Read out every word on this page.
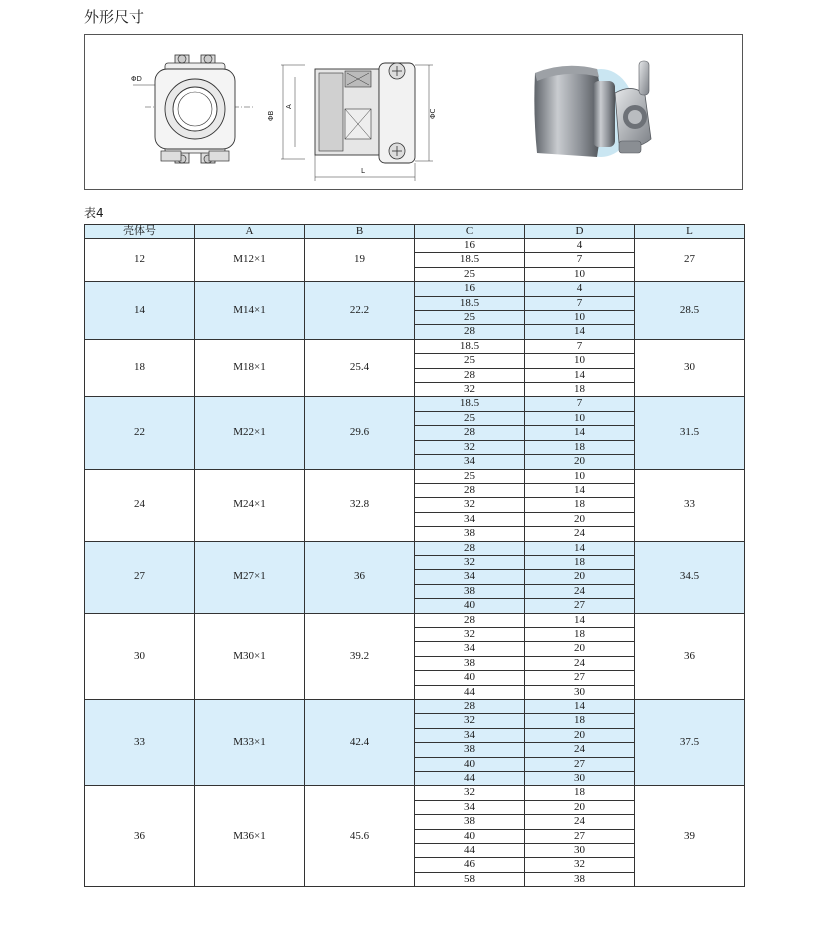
外形尺寸
ΦD
ΦB
A
ΦC
L
表4
壳体号	A	B	C	D	L
12	M12×1	19	16	4	27
			18.5	7	
			25	10	
14	M14×1	22.2	16	4	28.5
			18.5	7	
			25	10	
			28	14	
18	M18×1	25.4	18.5	7	30
			25	10	
			28	14	
			32	18	
22	M22×1	29.6	18.5	7	31.5
			25	10	
			28	14	
			32	18	
			34	20	
24	M24×1	32.8	25	10	33
			28	14	
			32	18	
			34	20	
			38	24	
27	M27×1	36	28	14	34.5
			32	18	
			34	20	
			38	24	
			40	27	
30	M30×1	39.2	28	14	36
			32	18	
			34	20	
			38	24	
			40	27	
			44	30	
33	M33×1	42.4	28	14	37.5
			32	18	
			34	20	
			38	24	
			40	27	
			44	30	
36	M36×1	45.6	32	18	39
			34	20	
			38	24	
			40	27	
			44	30	
			46	32	
			58	38	
